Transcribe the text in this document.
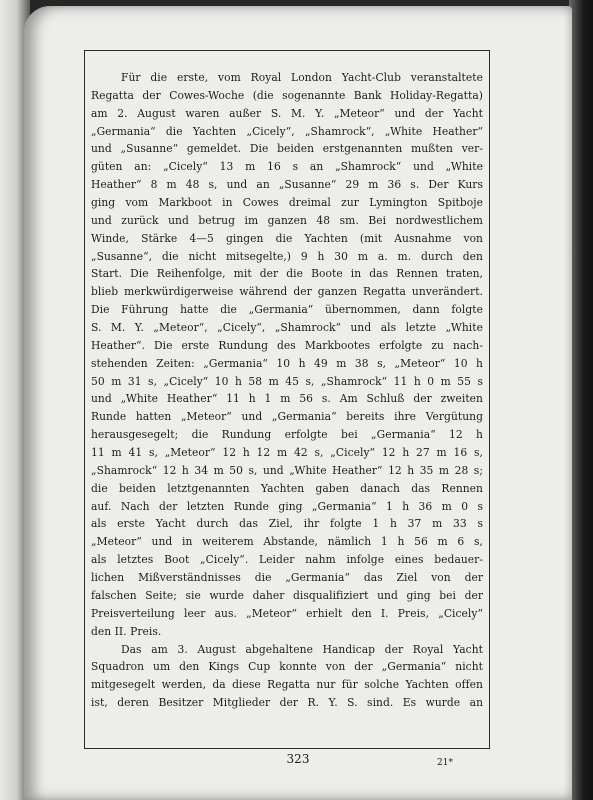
Für die erste, vom Royal London Yacht-Club veranstaltete
Regatta der Cowes-Woche (die sogenannte Bank Holiday-Regatta)
am 2. August waren außer S. M. Y. „Meteor“ und der Yacht
„Germania“ die Yachten „Cicely“, „Shamrock“, „White Heather“
und „Susanne“ gemeldet. Die beiden erstgenannten mußten ver-
güten an: „Cicely“ 13 m 16 s an „Shamrock“ und „White
Heather“ 8 m 48 s, und an „Susanne“ 29 m 36 s. Der Kurs
ging vom Markboot in Cowes dreimal zur Lymington Spitboje
und zurück und betrug im ganzen 48 sm. Bei nordwestlichem
Winde, Stärke 4—5 gingen die Yachten (mit Ausnahme von
„Susanne“, die nicht mitsegelte,) 9 h 30 m a. m. durch den
Start. Die Reihenfolge, mit der die Boote in das Rennen traten,
blieb merkwürdigerweise während der ganzen Regatta unverändert.
Die Führung hatte die „Germania“ übernommen, dann folgte
S. M. Y. „Meteor“, „Cicely“, „Shamrock“ und als letzte „White
Heather“. Die erste Rundung des Markbootes erfolgte zu nach-
stehenden Zeiten: „Germania“ 10 h 49 m 38 s, „Meteor“ 10 h
50 m 31 s, „Cicely“ 10 h 58 m 45 s, „Shamrock“ 11 h 0 m 55 s
und „White Heather“ 11 h 1 m 56 s. Am Schluß der zweiten
Runde hatten „Meteor“ und „Germania“ bereits ihre Vergütung
herausgesegelt; die Rundung erfolgte bei „Germania“ 12 h
11 m 41 s, „Meteor“ 12 h 12 m 42 s, „Cicely“ 12 h 27 m 16 s,
„Shamrock“ 12 h 34 m 50 s, und „White Heather“ 12 h 35 m 28 s;
die beiden letztgenannten Yachten gaben danach das Rennen
auf. Nach der letzten Runde ging „Germania“ 1 h 36 m 0 s
als erste Yacht durch das Ziel, ihr folgte 1 h 37 m 33 s
„Meteor“ und in weiterem Abstande, nämlich 1 h 56 m 6 s,
als letztes Boot „Cicely“. Leider nahm infolge eines bedauer-
lichen Mißverständnisses die „Germania“ das Ziel von der
falschen Seite; sie wurde daher disqualifiziert und ging bei der
Preisverteilung leer aus. „Meteor“ erhielt den I. Preis, „Cicely“
den II. Preis.
Das am 3. August abgehaltene Handicap der Royal Yacht
Squadron um den Kings Cup konnte von der „Germania“ nicht
mitgesegelt werden, da diese Regatta nur für solche Yachten offen
ist, deren Besitzer Mitglieder der R. Y. S. sind. Es wurde an
323	21*
